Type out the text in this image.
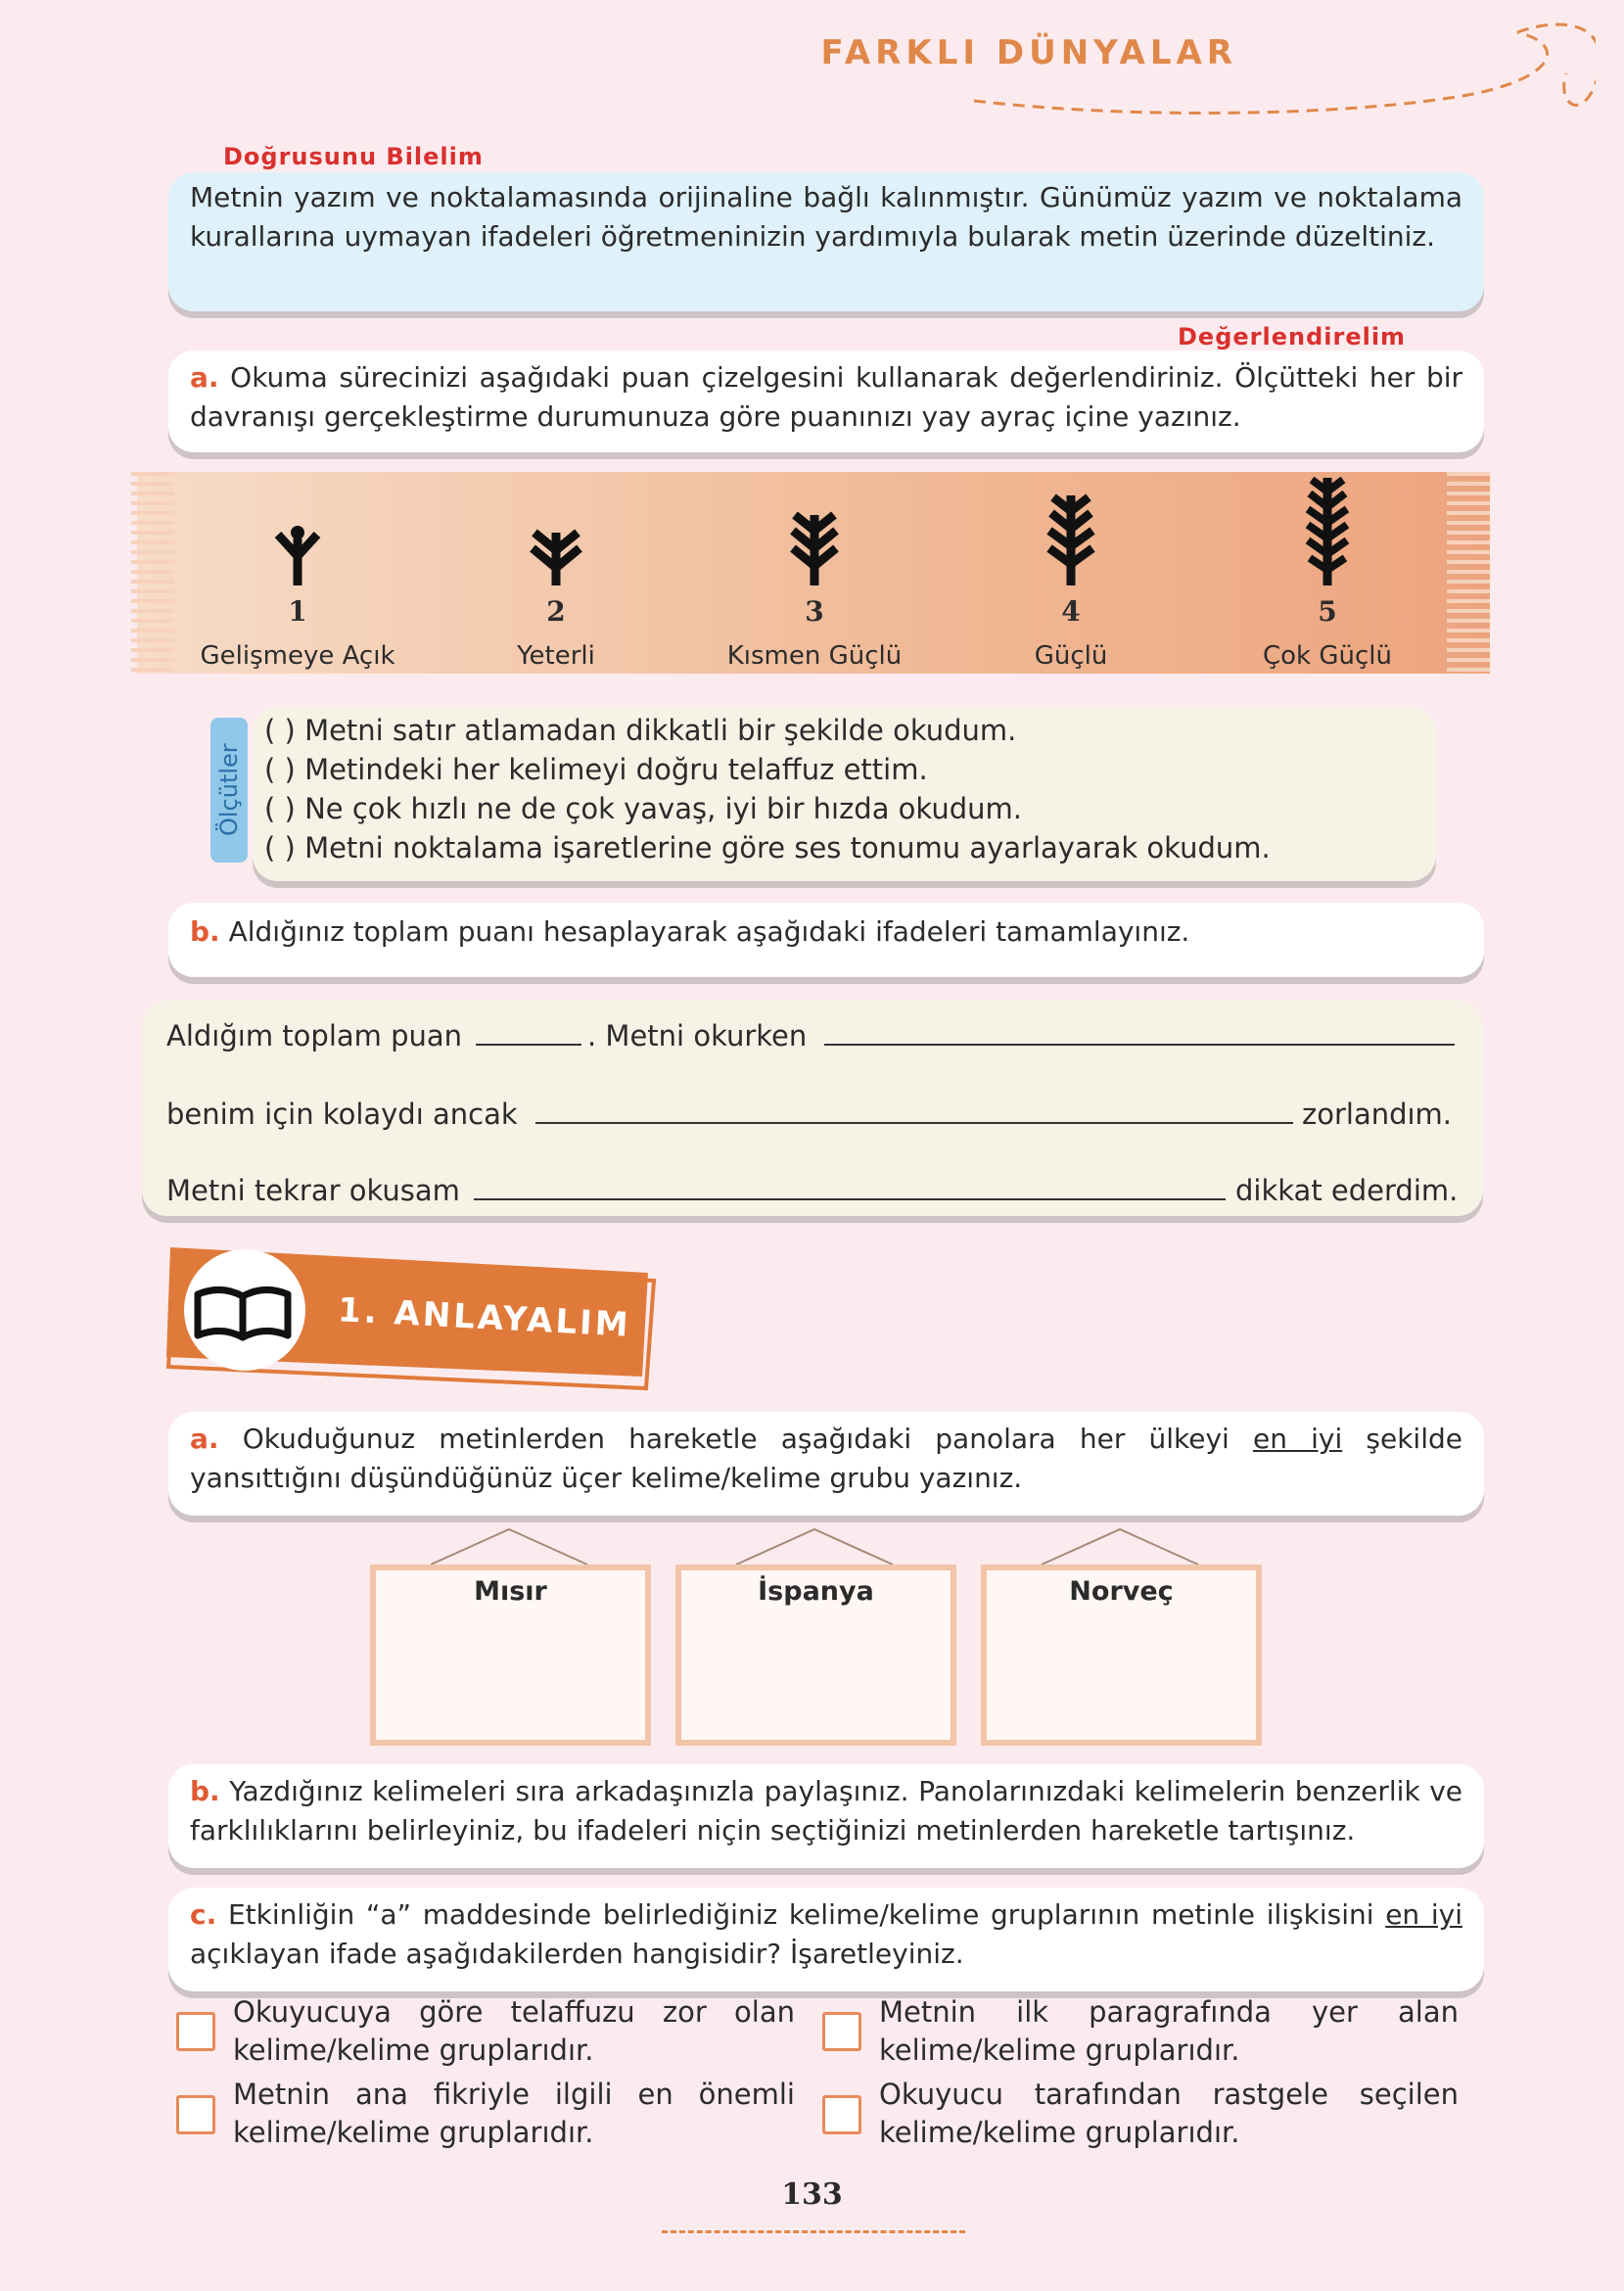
FARKLI DÜNYALAR
Doğrusunu Bilelim
Metnin yazım ve noktalamasında orijinaline bağlı kalınmıştır. Günümüz yazım ve noktalama kurallarına uymayan ifadeleri öğretmeninizin yardımıyla bularak metin üzerinde düzeltiniz.
Değerlendirelim
a. Okuma sürecinizi aşağıdaki puan çizelgesini kullanarak değerlendiriniz. Ölçütteki her bir davranışı gerçekleştirme durumunuza göre puanınızı yay ayraç içine yazınız.
1
Gelişmeye Açık
2
Yeterli
3
Kısmen Güçlü
4
Güçlü
5
Çok Güçlü
( ) Metni satır atlamadan dikkatli bir şekilde okudum.
( ) Metindeki her kelimeyi doğru telaffuz ettim.
( ) Ne çok hızlı ne de çok yavaş, iyi bir hızda okudum.
( ) Metni noktalama işaretlerine göre ses tonumu ayarlayarak okudum.
Ölçütler
b. Aldığınız toplam puanı hesaplayarak aşağıdaki ifadeleri tamamlayınız.
Aldığım toplam puan	. Metni okurken
benim için kolaydı ancak	zorlandım.
Metni tekrar okusam	dikkat ederdim.
1. ANLAYALIM
a. Okuduğunuz metinlerden hareketle aşağıdaki panolara her ülkeyi en iyi şekilde yansıttığını düşündüğünüz üçer kelime/kelime grubu yazınız.
Mısır	İspanya	Norveç
b. Yazdığınız kelimeleri sıra arkadaşınızla paylaşınız. Panolarınızdaki kelimelerin benzerlik ve farklılıklarını belirleyiniz, bu ifadeleri niçin seçtiğinizi metinlerden hareketle tartışınız.
c. Etkinliğin “a” maddesinde belirlediğiniz kelime/kelime gruplarının metinle ilişkisini en iyi açıklayan ifade aşağıdakilerden hangisidir? İşaretleyiniz.
Okuyucuya göre telaffuzu zor olan kelime/kelime gruplarıdır.
Metnin ilk paragrafında yer alan kelime/kelime gruplarıdır.
Metnin ana fikriyle ilgili en önemli kelime/kelime gruplarıdır.
Okuyucu tarafından rastgele seçilen kelime/kelime gruplarıdır.
133
